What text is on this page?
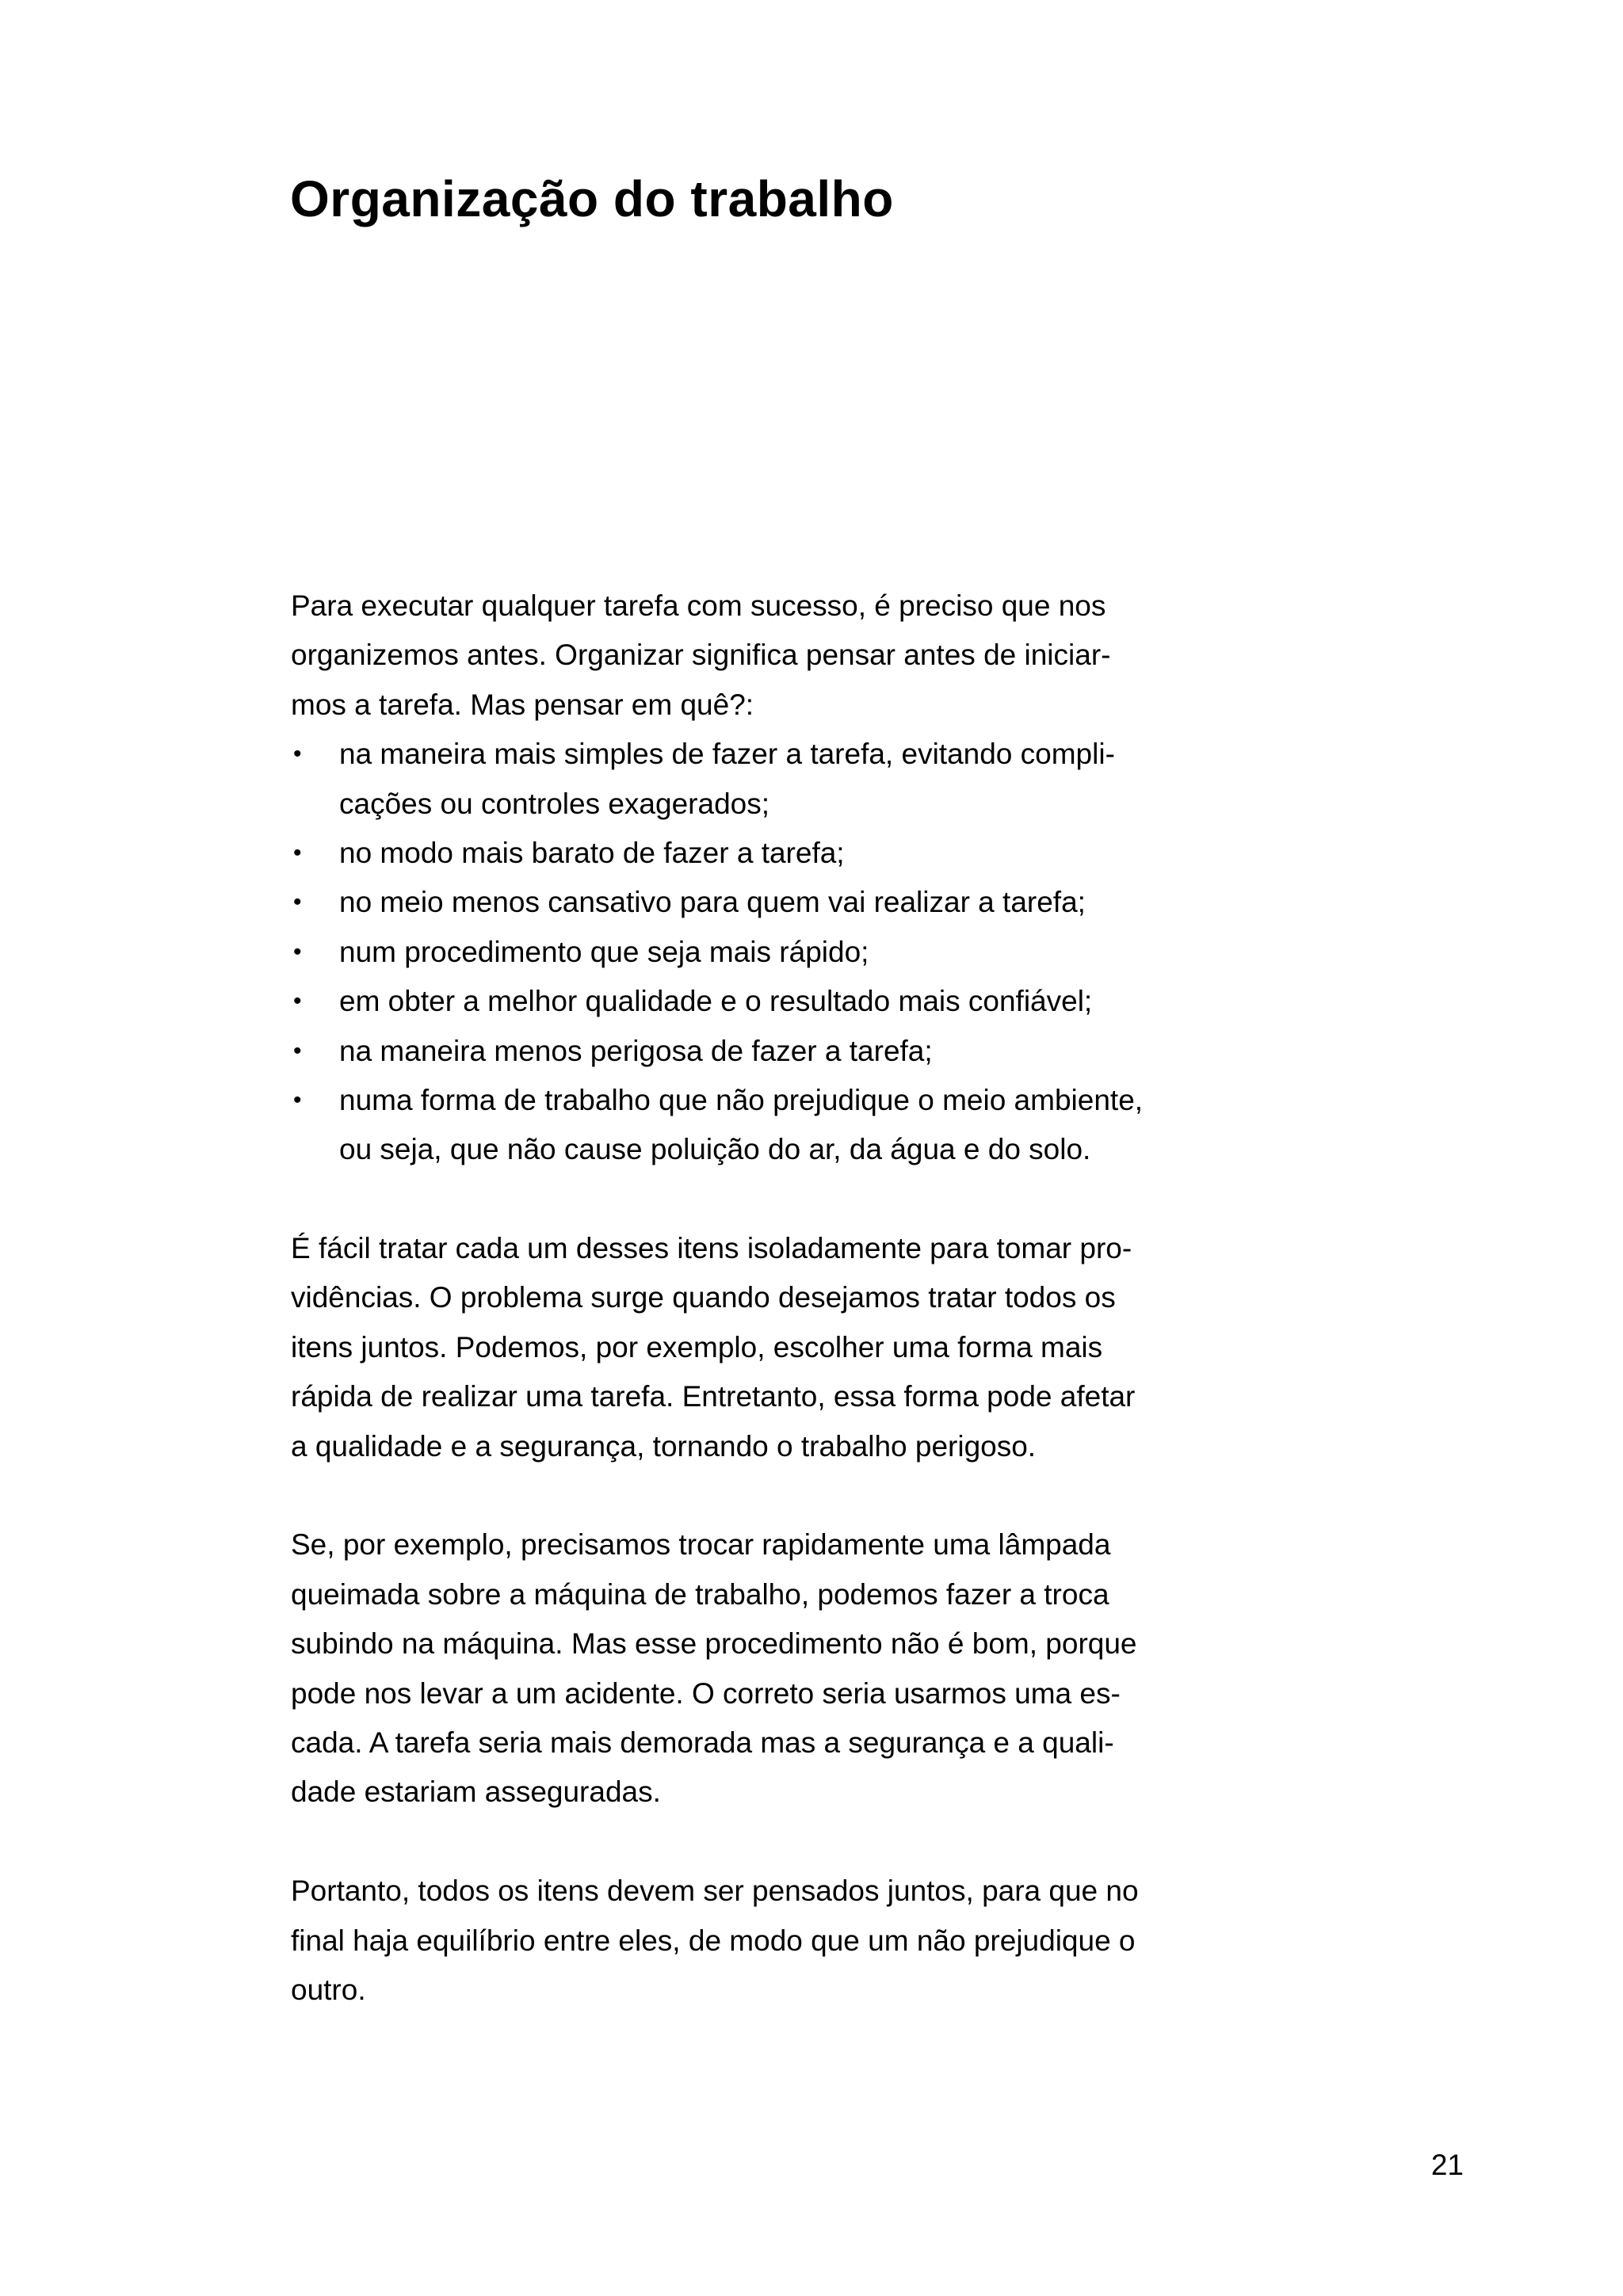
Organização do trabalho
Para executar qualquer tarefa com sucesso, é preciso que nos
organizemos antes. Organizar significa pensar antes de iniciar-
mos a tarefa. Mas pensar em quê?:
• na maneira mais simples de fazer a tarefa, evitando compli-
cações ou controles exagerados;
• no modo mais barato de fazer a tarefa;
• no meio menos cansativo para quem vai realizar a tarefa;
• num procedimento que seja mais rápido;
• em obter a melhor qualidade e o resultado mais confiável;
• na maneira menos perigosa de fazer a tarefa;
• numa forma de trabalho que não prejudique o meio ambiente,
ou seja, que não cause poluição do ar, da água e do solo.
É fácil tratar cada um desses itens isoladamente para tomar pro-
vidências. O problema surge quando desejamos tratar todos os
itens juntos. Podemos, por exemplo, escolher uma forma mais
rápida de realizar uma tarefa. Entretanto, essa forma pode afetar
a qualidade e a segurança, tornando o trabalho perigoso.
Se, por exemplo, precisamos trocar rapidamente uma lâmpada
queimada sobre a máquina de trabalho, podemos fazer a troca
subindo na máquina. Mas esse procedimento não é bom, porque
pode nos levar a um acidente. O correto seria usarmos uma es-
cada. A tarefa seria mais demorada mas a segurança e a quali-
dade estariam asseguradas.
Portanto, todos os itens devem ser pensados juntos, para que no
final haja equilíbrio entre eles, de modo que um não prejudique o
outro.
21
